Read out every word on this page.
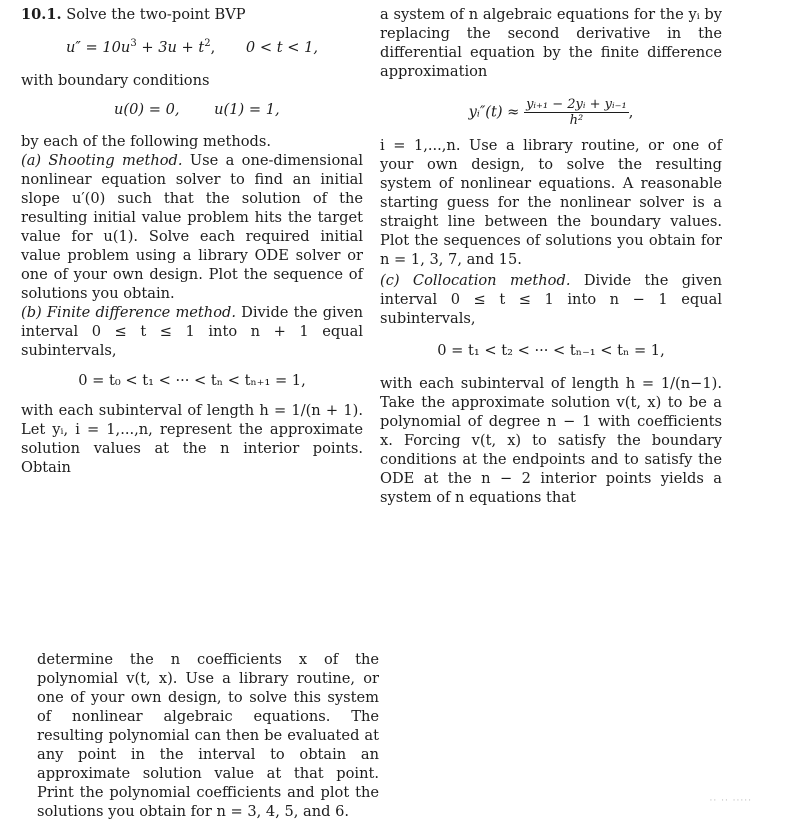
10.1. Solve the two-point BVP

$u'' = 10u^3 + 3u + t^2$, 0 < t < 1,

with boundary conditions

u(0) = 0, u(1) = 1,

by each of the following methods.

(a) Shooting method. Use a one-dimensional nonlinear equation solver to find an initial slope u′(0) such that the solution of the resulting initial value problem hits the target value for u(1). Solve each required initial value problem using a library ODE solver or one of your own design. Plot the sequence of solutions you obtain.

(b) Finite difference method. Divide the given interval 0 ≤ t ≤ 1 into n + 1 equal subintervals,

0 = t₀ < t₁ < ··· < tₙ < tₙ₊₁ = 1,

with each subinterval of length h = 1/(n + 1). Let yᵢ, i = 1,...,n, represent the approximate solution values at the n interior points. Obtain

a system of n algebraic equations for the yᵢ by replacing the second derivative in the differential equation by the finite difference approximation

yᵢ″(t) ≈ $\frac{\text{yᵢ₊₁ − 2yᵢ + yᵢ₋₁}}{\text{h²}}$ ,

i = 1,...,n. Use a library routine, or one of your own design, to solve the resulting system of nonlinear equations. A reasonable starting guess for the nonlinear solver is a straight line between the boundary values. Plot the sequences of solutions you obtain for n = 1, 3, 7, and 15.

(c) Collocation method. Divide the given interval 0 ≤ t ≤ 1 into n − 1 equal subintervals,

0 = t₁ < t₂ < ··· < tₙ₋₁ < tₙ = 1,

with each subinterval of length h = 1/(n−1). Take the approximate solution v(t, x) to be a polynomial of degree n − 1 with coefficients x. Forcing v(t, x) to satisfy the boundary conditions at the endpoints and to satisfy the ODE at the n − 2 interior points yields a system of n equations that

determine the n coefficients x of the polynomial v(t, x). Use a library routine, or one of your own design, to solve this system of nonlinear algebraic equations. The resulting polynomial can then be evaluated at any point in the interval to obtain an approximate solution value at that point. Print the polynomial coefficients and plot the solutions you obtain for n = 3, 4, 5, and 6.

·· ·· ·····
